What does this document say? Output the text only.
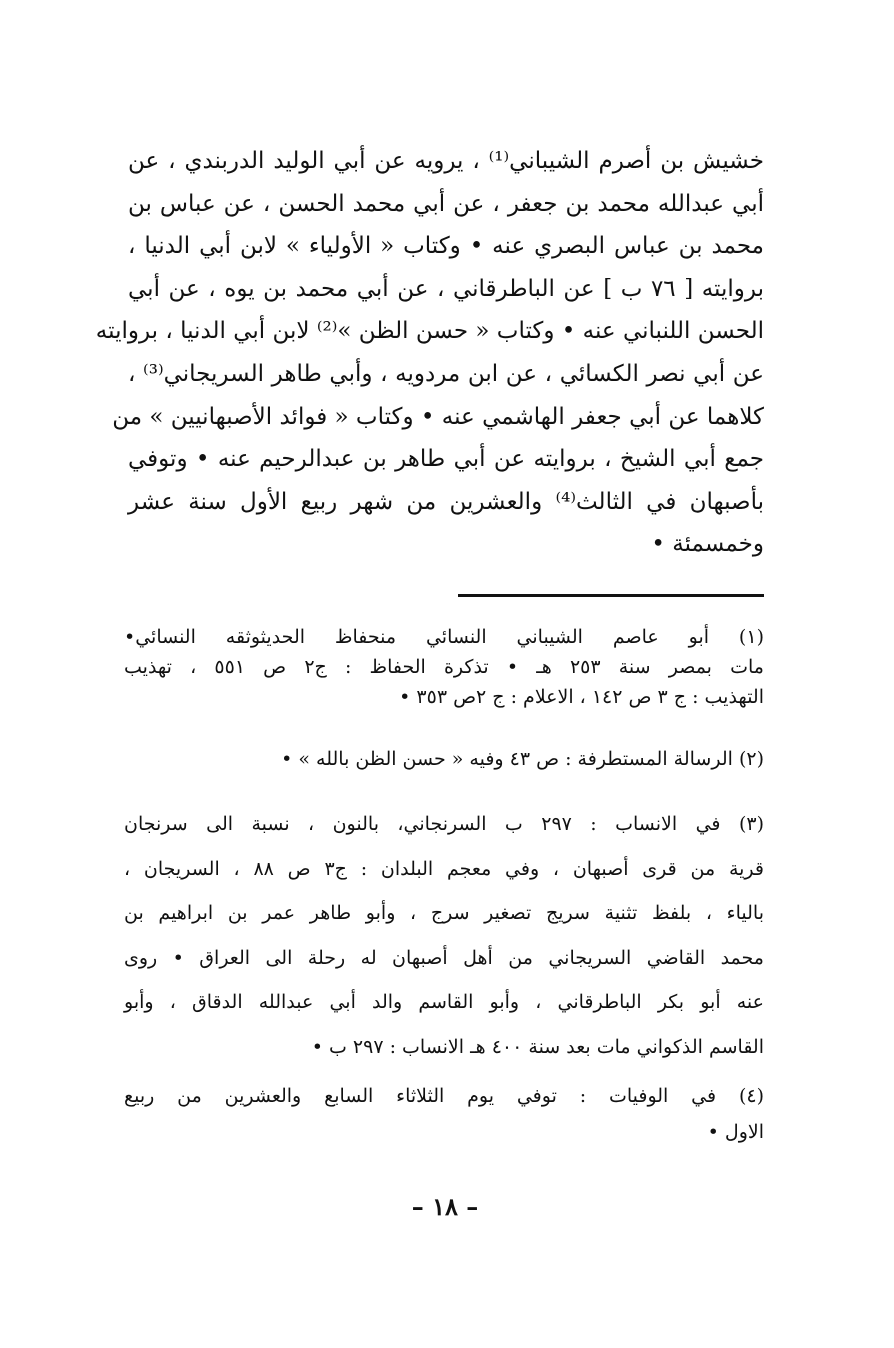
خشيش بن أصرم الشيباني⁽¹⁾ ، يرويه عن أبي الوليد الدربندي ، عن
أبي عبدالله محمد بن جعفر ، عن أبي محمد الحسن ، عن عباس بن
محمد بن عباس البصري عنه • وكتاب « الأولياء » لابن أبي الدنيا ،
بروايته [ ٧٦ ب ] عن الباطرقاني ، عن أبي محمد بن يوه ، عن أبي
الحسن اللنباني عنه • وكتاب « حسن الظن »⁽²⁾ لابن أبي الدنيا ، بروايته
عن أبي نصر الكسائي ، عن ابن مردويه ، وأبي طاهر السريجاني⁽³⁾ ،
كلاهما عن أبي جعفر الهاشمي عنه • وكتاب « فوائد الأصبهانيين » من
جمع أبي الشيخ ، بروايته عن أبي طاهر بن عبدالرحيم عنه • وتوفي
بأصبهان في الثالث⁽⁴⁾ والعشرين من شهر ربيع الأول سنة عشر
وخمسمئة •
(١) أبو عاصم الشيباني النسائي منحفاظ الحديثوثقه النسائي•
مات بمصر سنة ٢٥٣ هـ • تذكرة الحفاظ : ج٢ ص ٥٥١ ، تهذيب
التهذيب : ج ٣ ص ١٤٢ ، الاعلام : ج ٢ص ٣٥٣ •
(٢) الرسالة المستطرفة : ص ٤٣ وفيه « حسن الظن بالله » •
(٣) في الانساب : ٢٩٧ ب السرنجاني، بالنون ، نسبة الى سرنجان
قرية من قرى أصبهان ، وفي معجم البلدان : ج٣ ص ٨٨ ، السريجان ،
بالياء ، بلفظ تثنية سريج تصغير سرج ، وأبو طاهر عمر بن ابراهيم بن
محمد القاضي السريجاني من أهل أصبهان له رحلة الى العراق • روى
عنه أبو بكر الباطرقاني ، وأبو القاسم والد أبي عبدالله الدقاق ، وأبو
القاسم الذكواني مات بعد سنة ٤٠٠ هـ الانساب : ٢٩٧ ب •
(٤) في الوفيات : توفي يوم الثلاثاء السابع والعشرين من ربيع
الاول •
– ١٨ –
